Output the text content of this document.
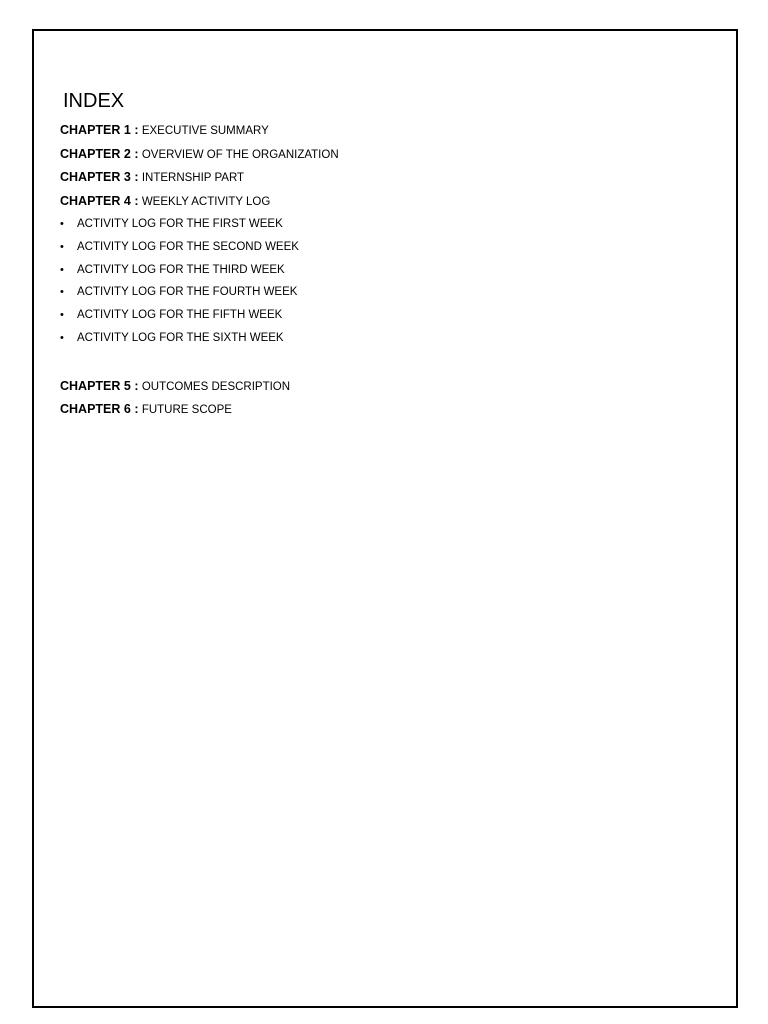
INDEX
CHAPTER 1 : EXECUTIVE SUMMARY
CHAPTER 2 : OVERVIEW OF THE ORGANIZATION
CHAPTER 3 : INTERNSHIP PART
CHAPTER 4 : WEEKLY ACTIVITY LOG
• ACTIVITY LOG FOR THE FIRST WEEK
• ACTIVITY LOG FOR THE SECOND WEEK
• ACTIVITY LOG FOR THE THIRD WEEK
• ACTIVITY LOG FOR THE FOURTH WEEK
• ACTIVITY LOG FOR THE FIFTH WEEK
• ACTIVITY LOG FOR THE SIXTH WEEK
CHAPTER 5 : OUTCOMES DESCRIPTION
CHAPTER 6 : FUTURE SCOPE
